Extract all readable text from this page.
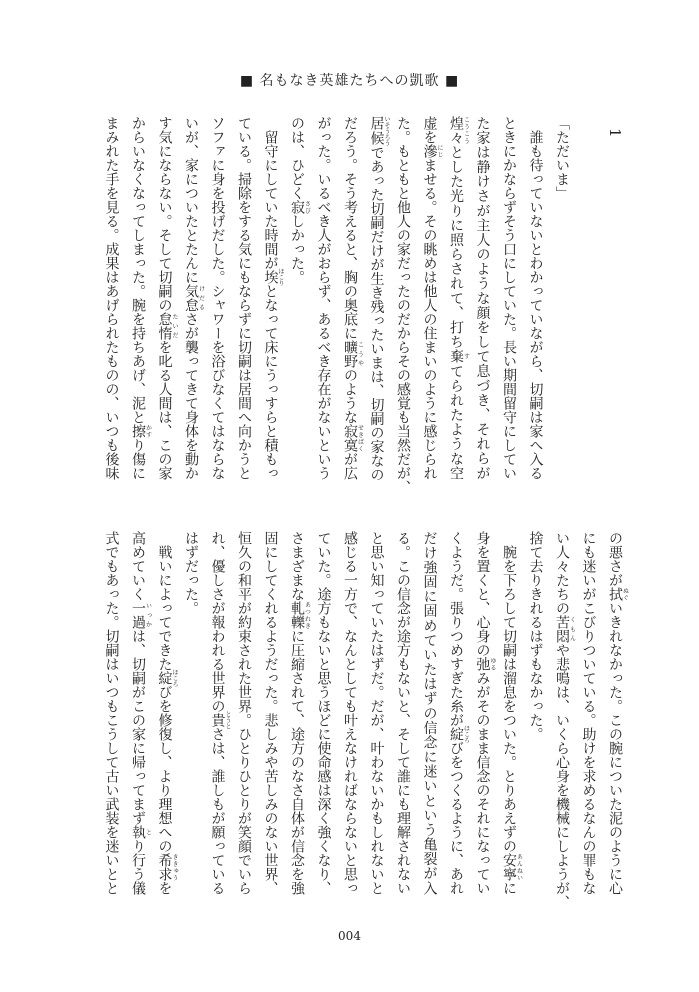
■ 名もなき英雄たちへの凱歌 ■
1
「ただいま」
　誰も待っていないとわかっていながら、切嗣は家へ入る
ときにかならずそう口にしていた。長い期間留守にしてい
た家は静けさが主人のような顔をして息づき、それらが
煌々こうこうとした光りに照らされて、打ち棄すてられたような空
虚を滲にじませる。その眺めは他人の住まいのように感じられ
た。もともと他人の家だったのだからその感覚も当然だが、
居候いそうろうであった切嗣だけが生き残ったいまは、切嗣の家なの
だろう。そう考えると、胸の奥底に曠野こうやのような寂寞せきばくが広
がった。いるべき人がおらず、あるべき存在がないという
のは、ひどく寂さびしかった。
　留守にしていた時間が埃ほこりとなって床にうっすらと積もっ
ている。掃除をする気にもならずに切嗣は居間へ向かうと
ソファに身を投げだした。シャワーを浴びなくてはならな
いが、家についたとたんに気怠けだるさが襲ってきて身体を動か
す気にならない。そして切嗣の怠惰たいだを叱る人間は、この家
からいなくなってしまった。腕を持ちあげ、泥と擦かすり傷に
まみれた手を見る。成果はあげられたものの、いつも後味
の悪さが拭ぬぐいきれなかった。この腕についた泥のように心
にも迷いがこびりついている。助けを求めるなんの罪もな
い人々たちの苦悶くもんや悲鳴は、いくら心身を機械にしようが、
捨て去りきれるはずもなかった。
　腕を下ろして切嗣は溜息をついた。とりあえずの安寧あんねいに
身を置くと、心身の弛ゆるみがそのまま信念のそれになってい
くようだ。張りつめすぎた糸が綻ほころびをつくるように、あれ
だけ強固に固めていたはずの信念に迷いという亀裂が入
る。この信念が途方もないと、そして誰にも理解されない
と思い知っていたはずだ。だが、叶わないかもしれないと
感じる一方で、なんとしても叶えなければならないと思っ
ていた。途方もないと思うほどに使命感は深く強くなり、
さまざまな軋轢あつれきに圧縮されて、途方のなさ自体が信念を強
固にしてくれるようだった。悲しみや苦しみのない世界、
恒久の和平が約束された世界。ひとりひとりが笑顔でいら
れ、優しさが報われる世界の貴とうとさは、誰しもが願っている
はずだった。
　戦いによってできた綻ほころびを修復し、より理想への希求ききゅうを
高めていく一過いっかは、切嗣がこの家に帰ってまず執とり行う儀
式でもあった。切嗣はいつもこうして古い武装を迷いとと
004
